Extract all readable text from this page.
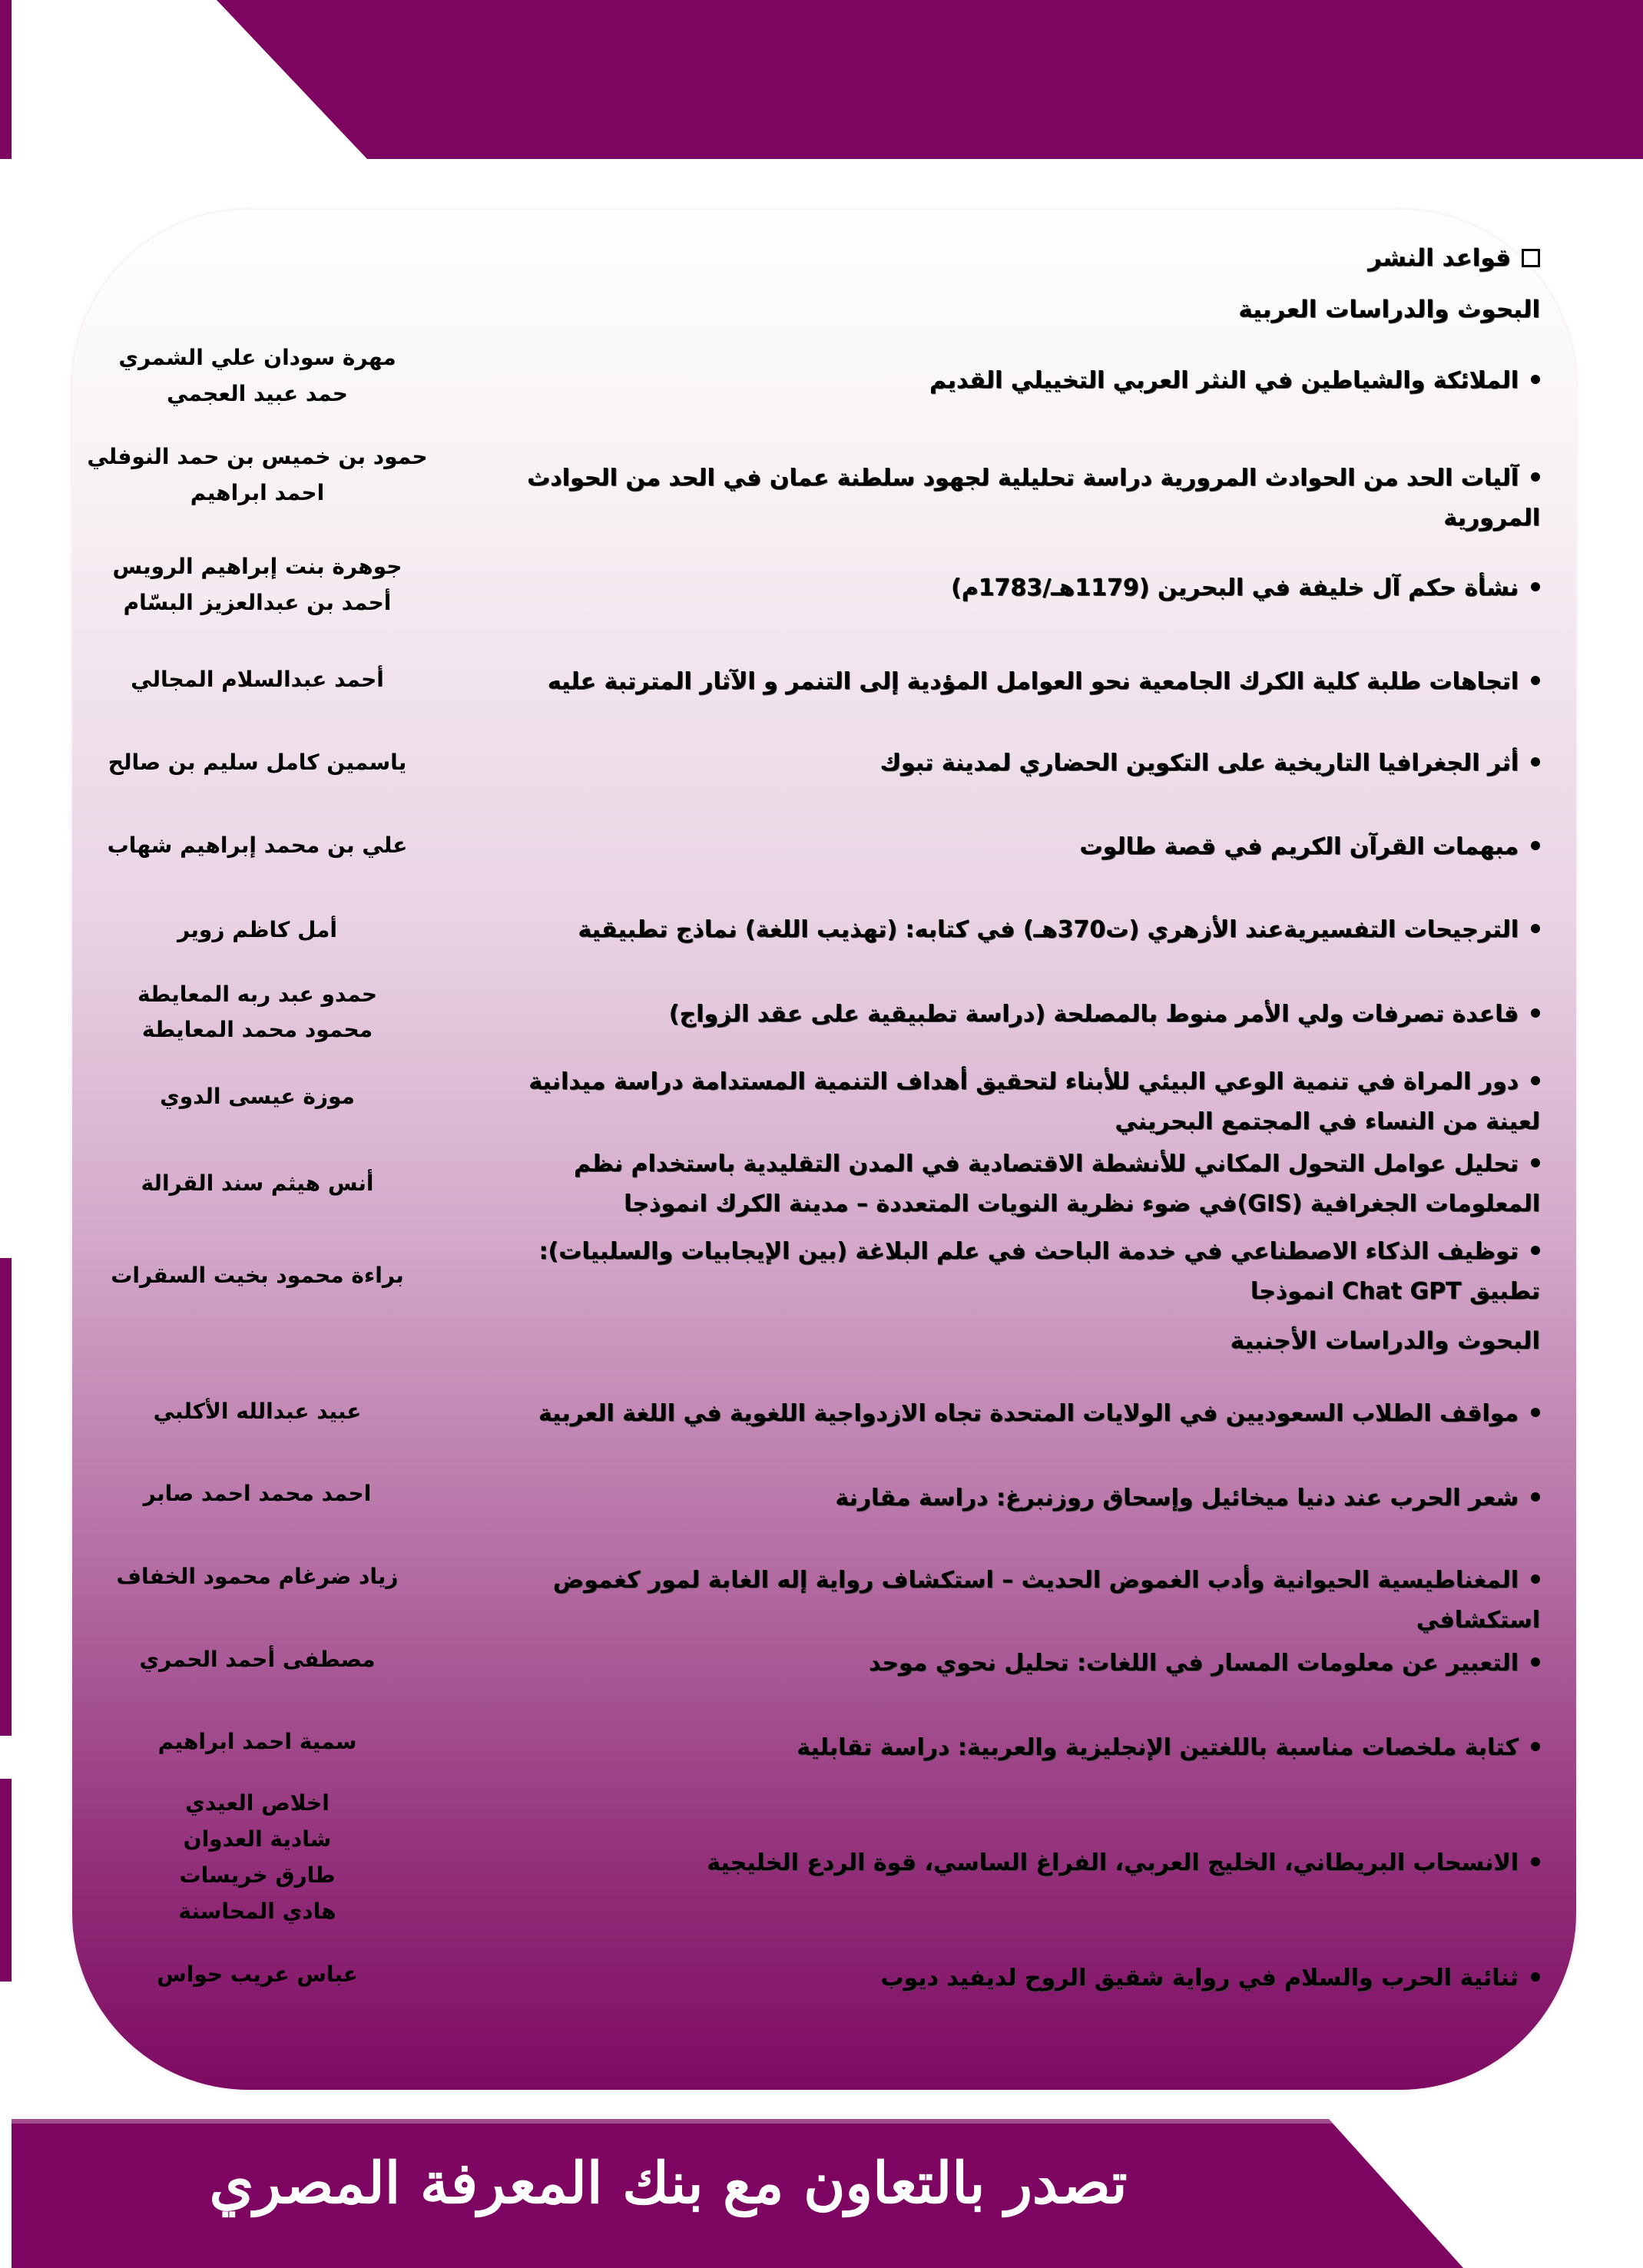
قواعد النشر
البحوث والدراسات العربية
الملائكة والشياطين في النثر العربي التخييلي القديم
آليات الحد من الحوادث المرورية دراسة تحليلية لجهود سلطنة عمان في الحد من الحوادث المرورية
نشأة حكم آل خليفة في البحرين (1179هـ/1783م)
اتجاهات طلبة كلية الكرك الجامعية نحو العوامل المؤدية إلى التنمر و الآثار المترتبة عليه
أثر الجغرافيا التاريخية على التكوين الحضاري لمدينة تبوك
مبهمات القرآن الكريم في قصة طالوت
الترجيحات التفسيريةعند الأزهري (ت370هـ) في كتابه: (تهذيب اللغة) نماذج تطبيقية
قاعدة تصرفات ولي الأمر منوط بالمصلحة (دراسة تطبيقية على عقد الزواج)
دور المراة في تنمية الوعي البيئي للأبناء لتحقيق أهداف التنمية المستدامة دراسة ميدانية لعينة من النساء في المجتمع البحريني
تحليل عوامل التحول المكاني للأنشطة الاقتصادية في المدن التقليدية باستخدام نظم المعلومات الجغرافية (GIS)في ضوء نظرية النويات المتعددة – مدينة الكرك انموذجا
توظيف الذكاء الاصطناعي في خدمة الباحث في علم البلاغة (بين الإيجابيات والسلبيات): تطبيق Chat GPT انموذجا
البحوث والدراسات الأجنبية
مواقف الطلاب السعوديين في الولايات المتحدة تجاه الازدواجية اللغوية في اللغة العربية
شعر الحرب عند دنيا ميخائيل وإسحاق روزنبرغ: دراسة مقارنة
المغناطيسية الحيوانية وأدب الغموض الحديث – استكشاف رواية إله الغابة لمور كغموض استكشافي
التعبير عن معلومات المسار في اللغات: تحليل نحوي موحد
كتابة ملخصات مناسبة باللغتين الإنجليزية والعربية: دراسة تقابلية
الانسحاب البريطاني، الخليج العربي، الفراغ الساسي، قوة الردع الخليجية
ثنائية الحرب والسلام في رواية شقيق الروح لديفيد ديوب
مهرة سودان علي الشمري
حمد عبيد العجمي
حمود بن خميس بن حمد النوفلي
احمد ابراهيم
جوهرة بنت إبراهيم الرويس
أحمد بن عبدالعزيز البسّام
أحمد عبدالسلام المجالي
ياسمين كامل سليم بن صالح
علي بن محمد إبراهيم شهاب
أمل كاظم زوير
حمدو عبد ربه المعايطة
محمود محمد المعايطة
موزة عيسى الدوي
أنس هيثم سند القرالة
براءة محمود بخيت السقرات
عبيد عبدالله الأكلبي
احمد محمد احمد صابر
زياد ضرغام محمود الخفاف
مصطفى أحمد الحمري
سمية احمد ابراهيم
اخلاص العيدي
شادية العدوان
طارق خريسات
هادي المحاسنة
عباس عريب حواس
تصدر بالتعاون مع بنك المعرفة المصري
